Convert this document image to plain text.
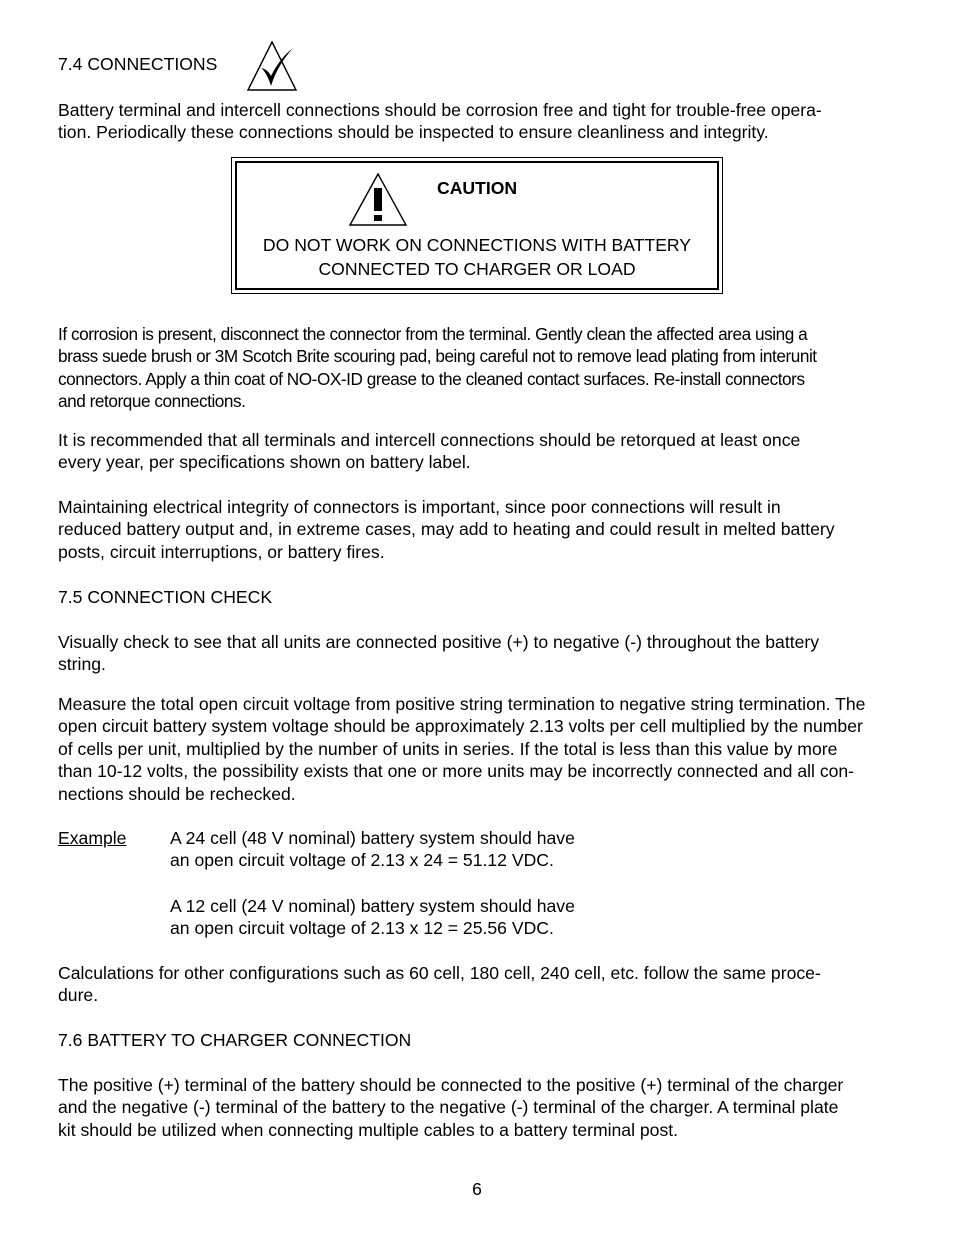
7.4 CONNECTIONS
Battery terminal and intercell connections should be corrosion free and tight for trouble-free opera-
tion. Periodically these connections should be inspected to ensure cleanliness and integrity.
CAUTION
DO NOT WORK ON CONNECTIONS WITH BATTERY
CONNECTED TO CHARGER OR LOAD
If corrosion is present, disconnect the connector from the terminal. Gently clean the affected area using a
brass suede brush or 3M Scotch Brite scouring pad, being careful not to remove lead plating from interunit
connectors. Apply a thin coat of NO-OX-ID grease to the cleaned contact surfaces. Re-install connectors
and retorque connections.
It is recommended that all terminals and intercell connections should be retorqued at least once
every year, per specifications shown on battery label.
Maintaining electrical integrity of connectors is important, since poor connections will result in
reduced battery output and, in extreme cases, may add to heating and could result in melted battery
posts, circuit interruptions, or battery fires.
7.5 CONNECTION CHECK
Visually check to see that all units are connected positive (+) to negative (-) throughout the battery
string.
Measure the total open circuit voltage from positive string termination to negative string termination. The
open circuit battery system voltage should be approximately 2.13 volts per cell multiplied by the number
of cells per unit, multiplied by the number of units in series. If the total is less than this value by more
than 10-12 volts, the possibility exists that one or more units may be incorrectly connected and all con-
nections should be rechecked.
Example A 24 cell (48 V nominal) battery system should have
an open circuit voltage of 2.13 x 24 = 51.12 VDC.
A 12 cell (24 V nominal) battery system should have
an open circuit voltage of 2.13 x 12 = 25.56 VDC.
Calculations for other configurations such as 60 cell, 180 cell, 240 cell, etc. follow the same proce-
dure.
7.6 BATTERY TO CHARGER CONNECTION
The positive (+) terminal of the battery should be connected to the positive (+) terminal of the charger
and the negative (-) terminal of the battery to the negative (-) terminal of the charger. A terminal plate
kit should be utilized when connecting multiple cables to a battery terminal post.
6
